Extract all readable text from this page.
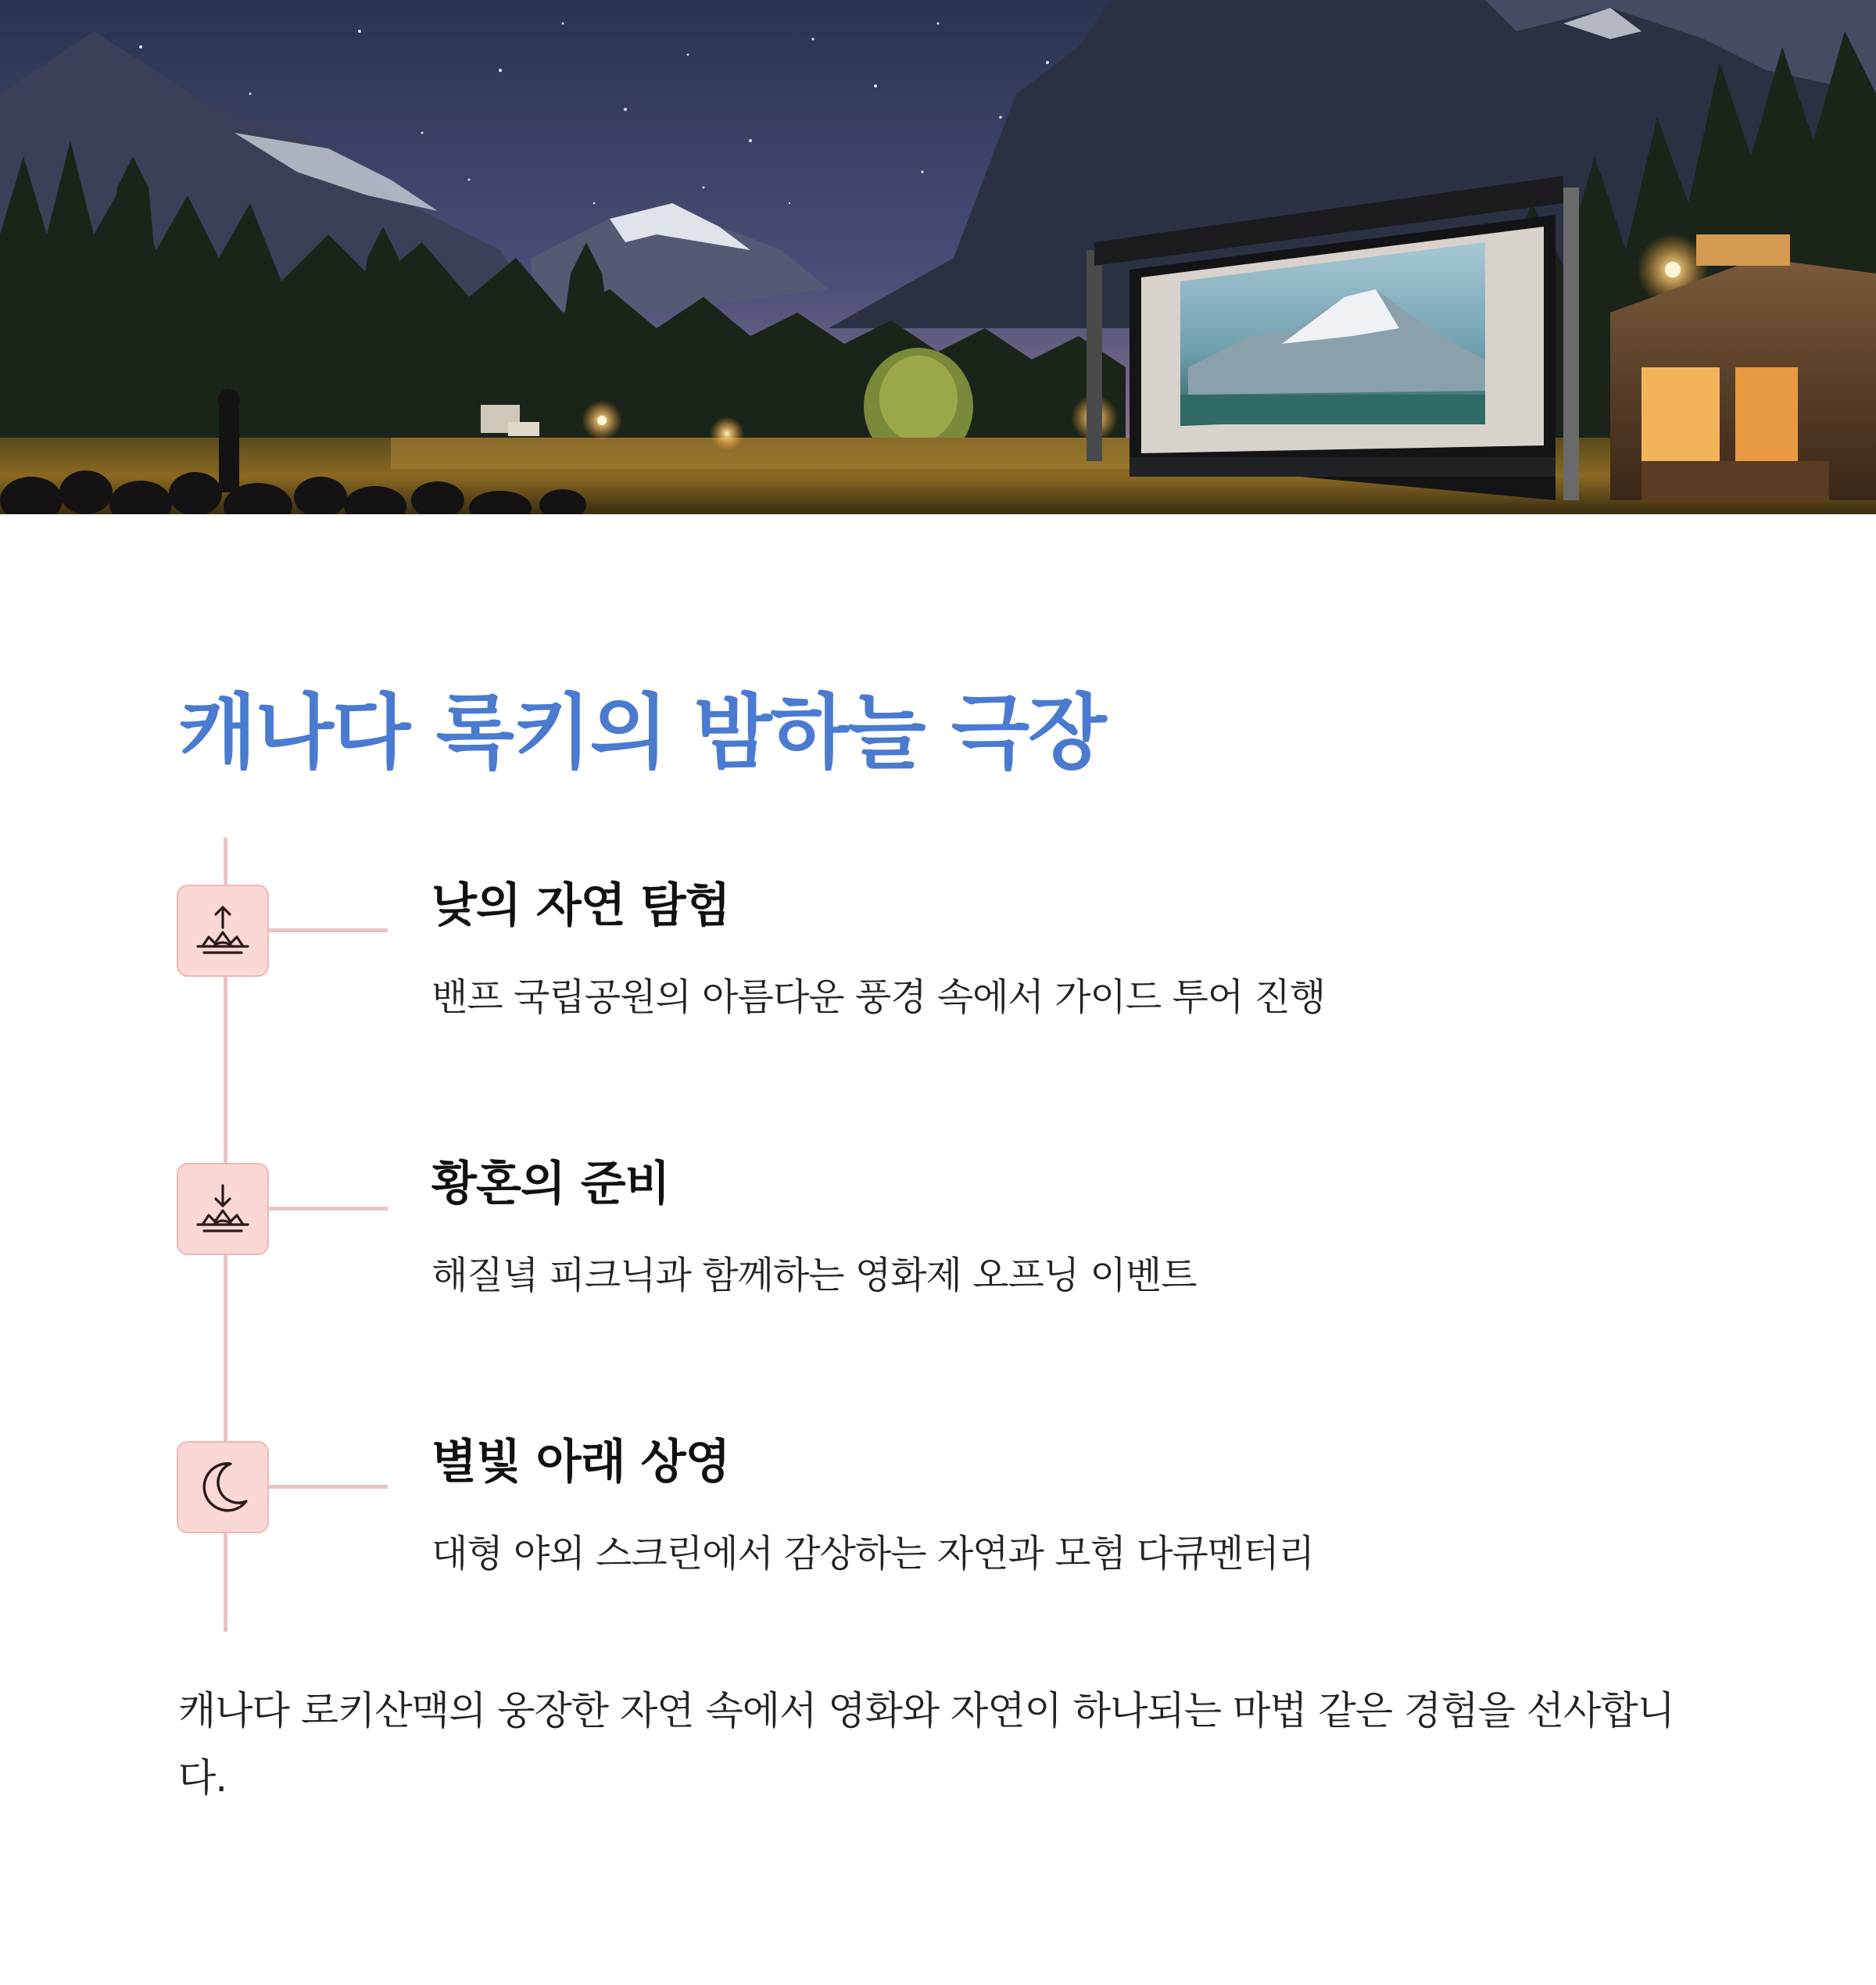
캐나다 록키의 밤하늘 극장
낮의 자연 탐험
밴프 국립공원의 아름다운 풍경 속에서 가이드 투어 진행
황혼의 준비
해질녘 피크닉과 함께하는 영화제 오프닝 이벤트
별빛 아래 상영
대형 야외 스크린에서 감상하는 자연과 모험 다큐멘터리
캐나다 로키산맥의 웅장한 자연 속에서 영화와 자연이 하나되는 마법 같은 경험을 선사합니다.
